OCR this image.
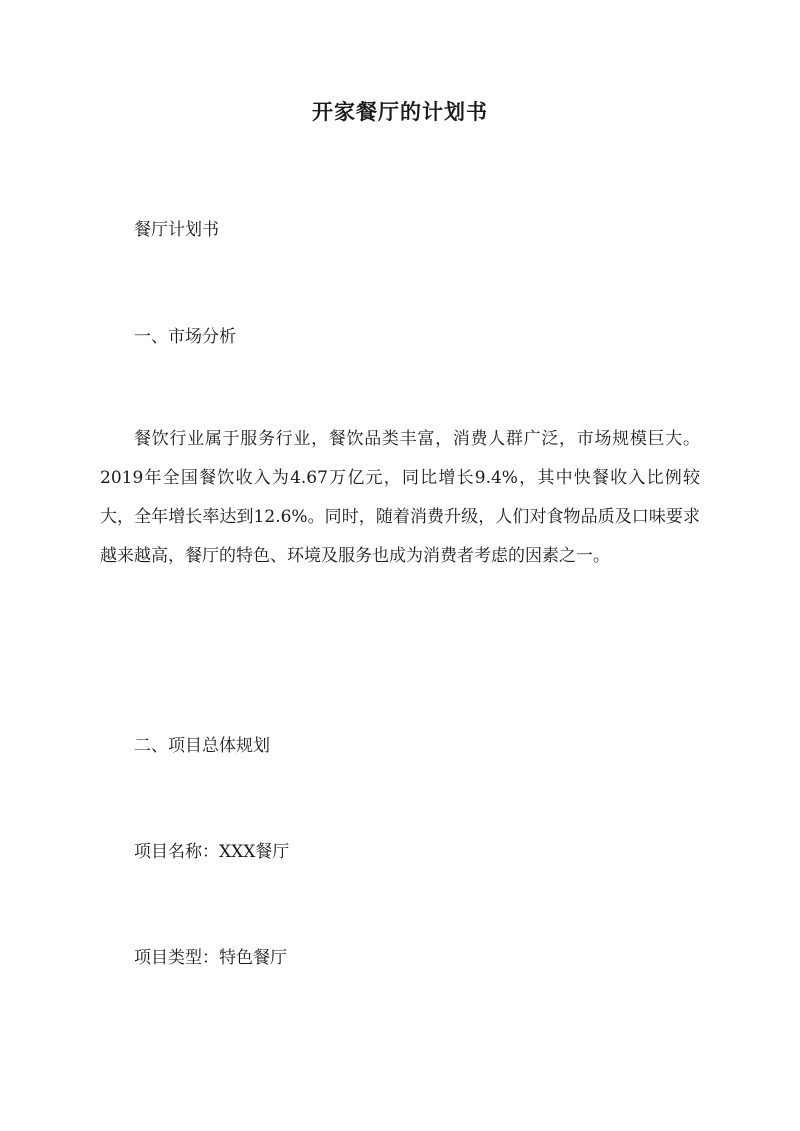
开家餐厅的计划书

餐厅计划书

一、市场分析

餐饮行业属于服务行业，餐饮品类丰富，消费人群广泛，市场规模巨大。2019年全国餐饮收入为4.67万亿元，同比增长9.4%，其中快餐收入比例较大，全年增长率达到12.6%。同时，随着消费升级，人们对食物品质及口味要求越来越高，餐厅的特色、环境及服务也成为消费者考虑的因素之一。

二、项目总体规划

项目名称：XXX餐厅

项目类型：特色餐厅
